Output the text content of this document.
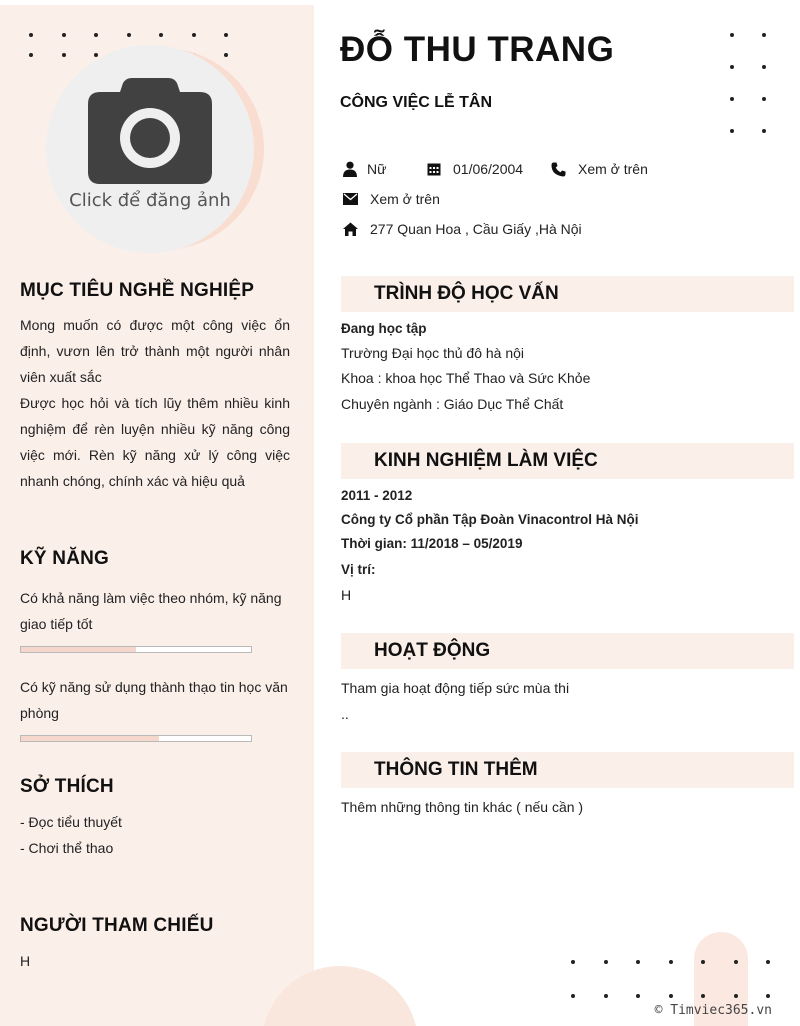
Click để đăng ảnh
MỤC TIÊU NGHỀ NGHIỆP
Mong muốn có được một công việc ổn định, vươn lên trở thành một người nhân viên xuất sắc
Được học hỏi và tích lũy thêm nhiều kinh nghiệm để rèn luyện nhiều kỹ năng công việc mới. Rèn kỹ năng xử lý công việc nhanh chóng, chính xác và hiệu quả
KỸ NĂNG
Có khả năng làm việc theo nhóm, kỹ năng giao tiếp tốt
Có kỹ năng sử dụng thành thạo tin học văn phòng
SỞ THÍCH
- Đọc tiểu thuyết
- Chơi thể thao
NGƯỜI THAM CHIẾU
H
ĐỖ THU TRANG
CÔNG VIỆC LỄ TÂN
Nữ	01/06/2004	Xem ở trên
Xem ở trên
277 Quan Hoa , Cầu Giấy ,Hà Nội
TRÌNH ĐỘ HỌC VẤN
Đang học tập
Trường Đại học thủ đô hà nội
Khoa : khoa học Thể Thao và Sức Khỏe
Chuyên ngành : Giáo Dục Thể Chất
KINH NGHIỆM LÀM VIỆC
2011 - 2012
Công ty Cổ phần Tập Đoàn Vinacontrol Hà Nội
Thời gian: 11/2018 – 05/2019
Vị trí:
H
HOẠT ĐỘNG
Tham gia hoạt động tiếp sức mùa thi
..
THÔNG TIN THÊM
Thêm những thông tin khác ( nếu cần )
© Timviec365.vn
